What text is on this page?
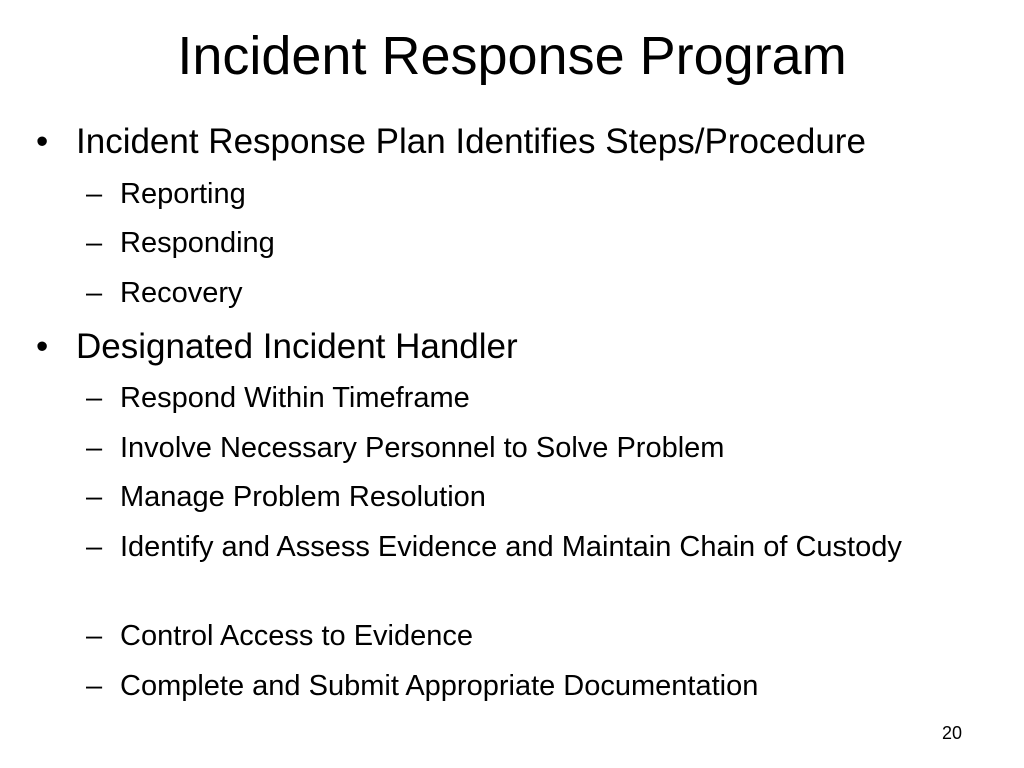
Incident Response Program
• Incident Response Plan Identifies Steps/Procedure
– Reporting
– Responding
– Recovery
• Designated Incident Handler
– Respond Within Timeframe
– Involve Necessary Personnel to Solve Problem
– Manage Problem Resolution
– Identify and Assess Evidence and Maintain Chain of Custody
– Control Access to Evidence
– Complete and Submit Appropriate Documentation
20
